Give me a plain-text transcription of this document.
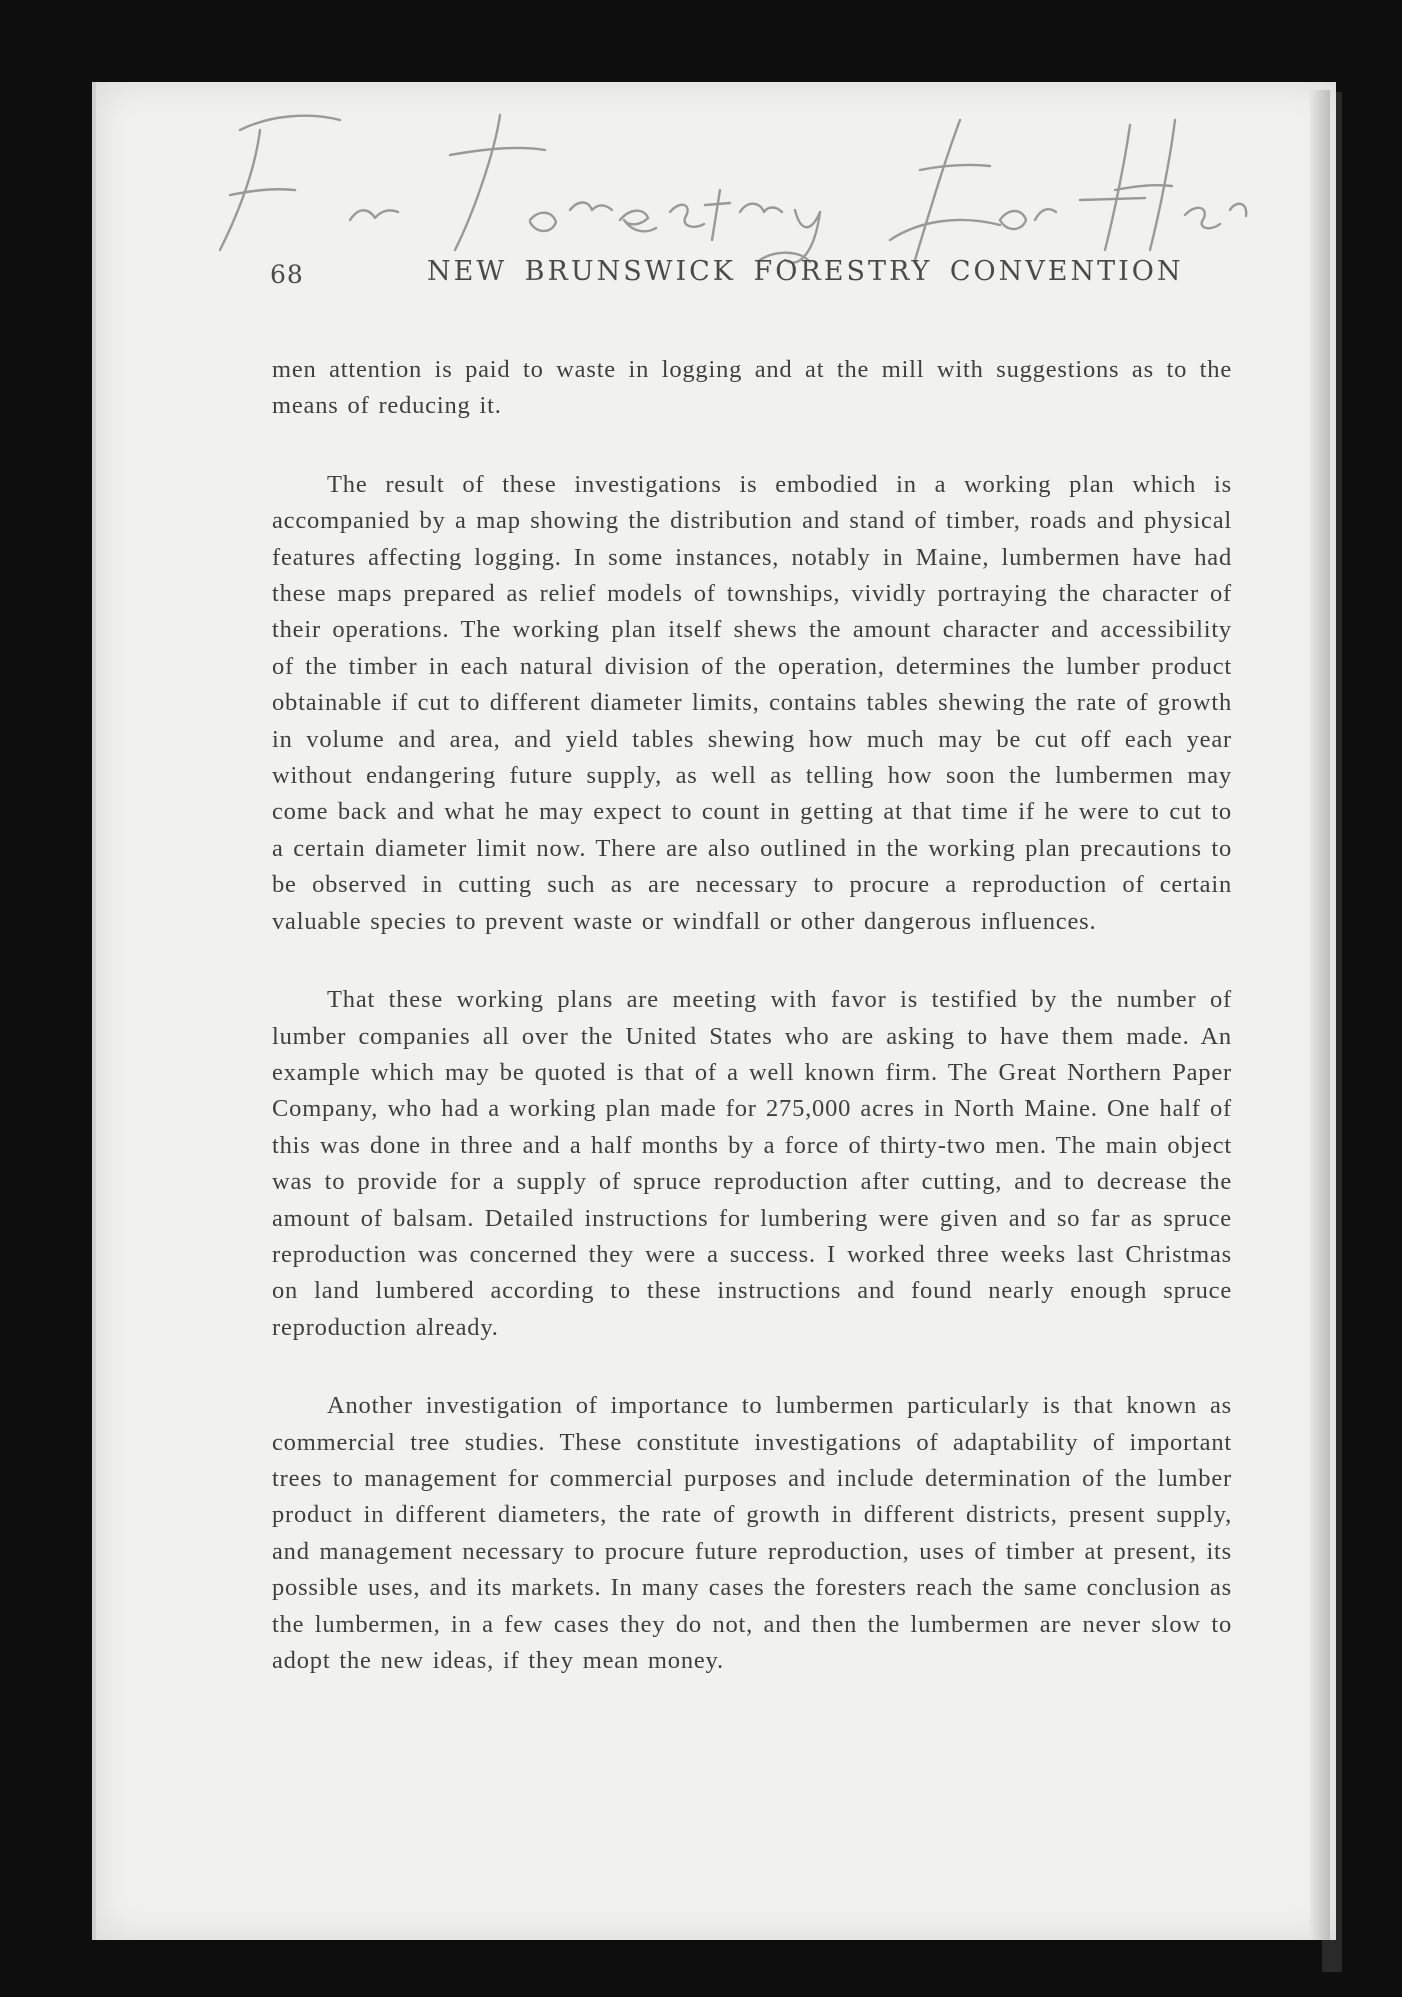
68	NEW BRUNSWICK FORESTRY CONVENTION

men attention is paid to waste in logging and at the mill with suggestions as to the means of reducing it.

The result of these investigations is embodied in a working plan which is accompanied by a map showing the distribution and stand of timber, roads and physical features affecting logging. In some instances, notably in Maine, lumbermen have had these maps prepared as relief models of townships, vividly portraying the character of their operations. The working plan itself shews the amount character and accessibility of the timber in each natural division of the operation, determines the lumber product obtainable if cut to different diameter limits, contains tables shewing the rate of growth in volume and area, and yield tables shewing how much may be cut off each year without endangering future supply, as well as telling how soon the lumbermen may come back and what he may expect to count in getting at that time if he were to cut to a certain diameter limit now. There are also outlined in the working plan precautions to be observed in cutting such as are necessary to procure a reproduction of certain valuable species to prevent waste or windfall or other dangerous influences.

That these working plans are meeting with favor is testified by the number of lumber companies all over the United States who are asking to have them made. An example which may be quoted is that of a well known firm. The Great Northern Paper Company, who had a working plan made for 275,000 acres in North Maine. One half of this was done in three and a half months by a force of thirty-two men. The main object was to provide for a supply of spruce reproduction after cutting, and to decrease the amount of balsam. Detailed instructions for lumbering were given and so far as spruce reproduction was concerned they were a success. I worked three weeks last Christmas on land lumbered according to these instructions and found nearly enough spruce reproduction already.

Another investigation of importance to lumbermen particularly is that known as commercial tree studies. These constitute investigations of adaptability of important trees to management for commercial purposes and include determination of the lumber product in different diameters, the rate of growth in different districts, present supply, and management necessary to procure future reproduction, uses of timber at present, its possible uses, and its markets. In many cases the foresters reach the same conclusion as the lumbermen, in a few cases they do not, and then the lumbermen are never slow to adopt the new ideas, if they mean money.
